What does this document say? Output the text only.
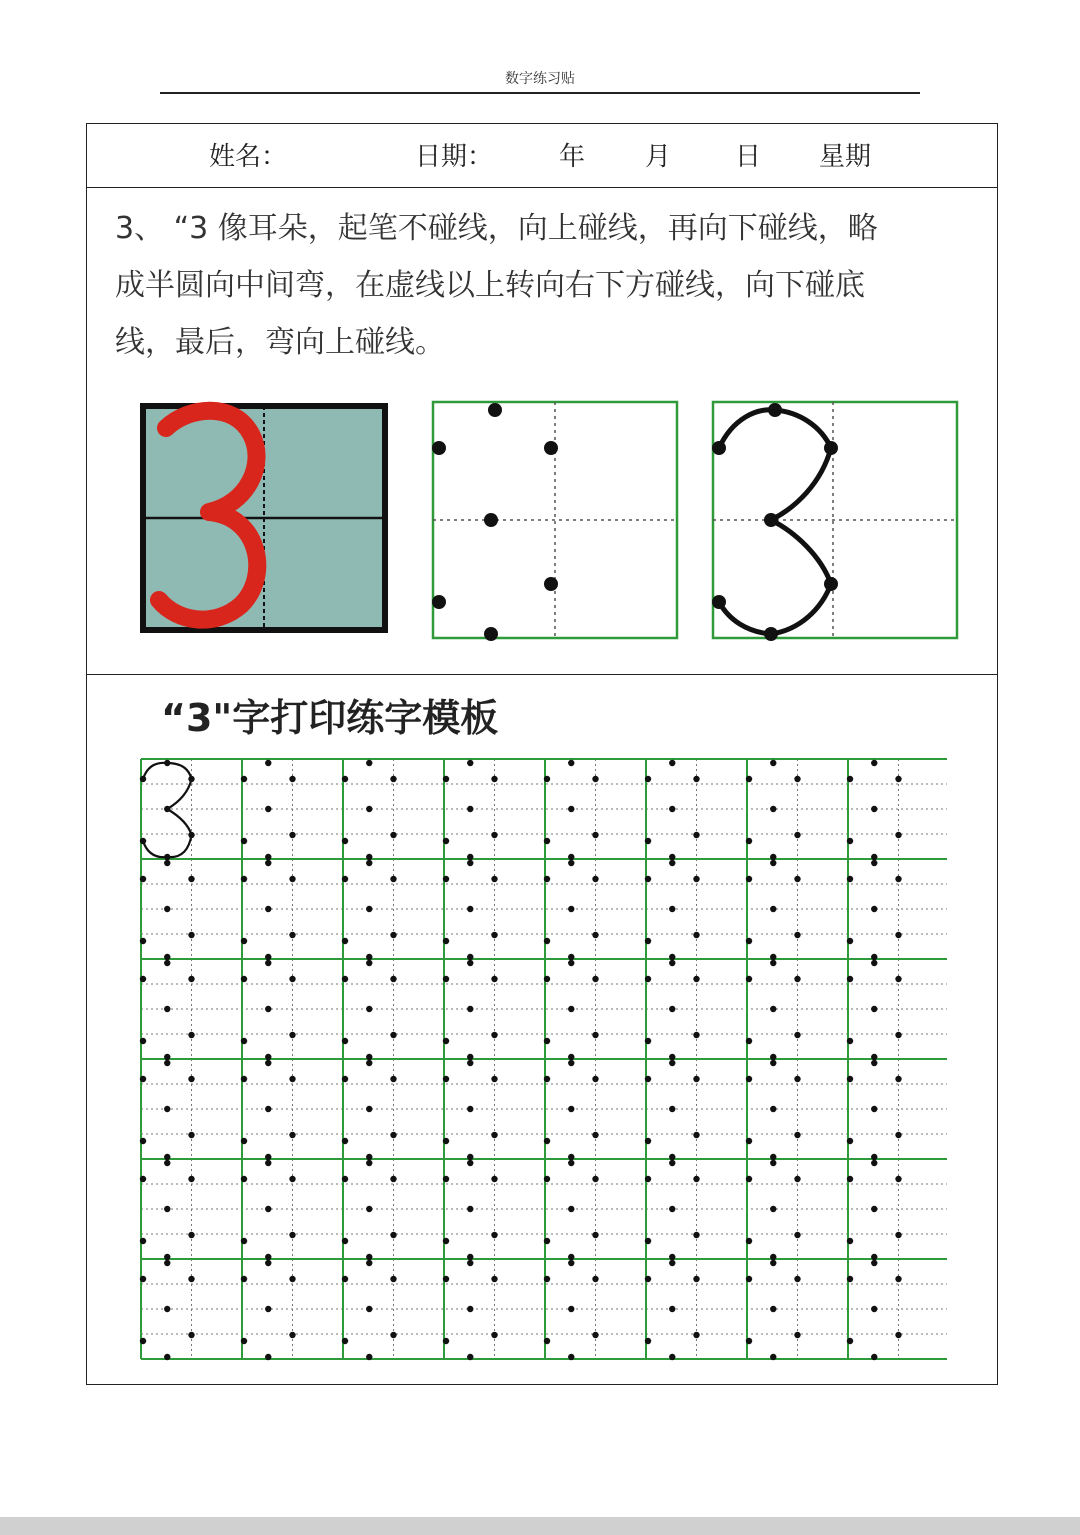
数字练习贴
姓名：	日期：	年 月 日 星期

3、 “3 像耳朵，起笔不碰线，向上碰线，再向下碰线，略
成半圆向中间弯，在虚线以上转向右下方碰线，向下碰底
线，最后，弯向上碰线。

“3"字打印练字模板
